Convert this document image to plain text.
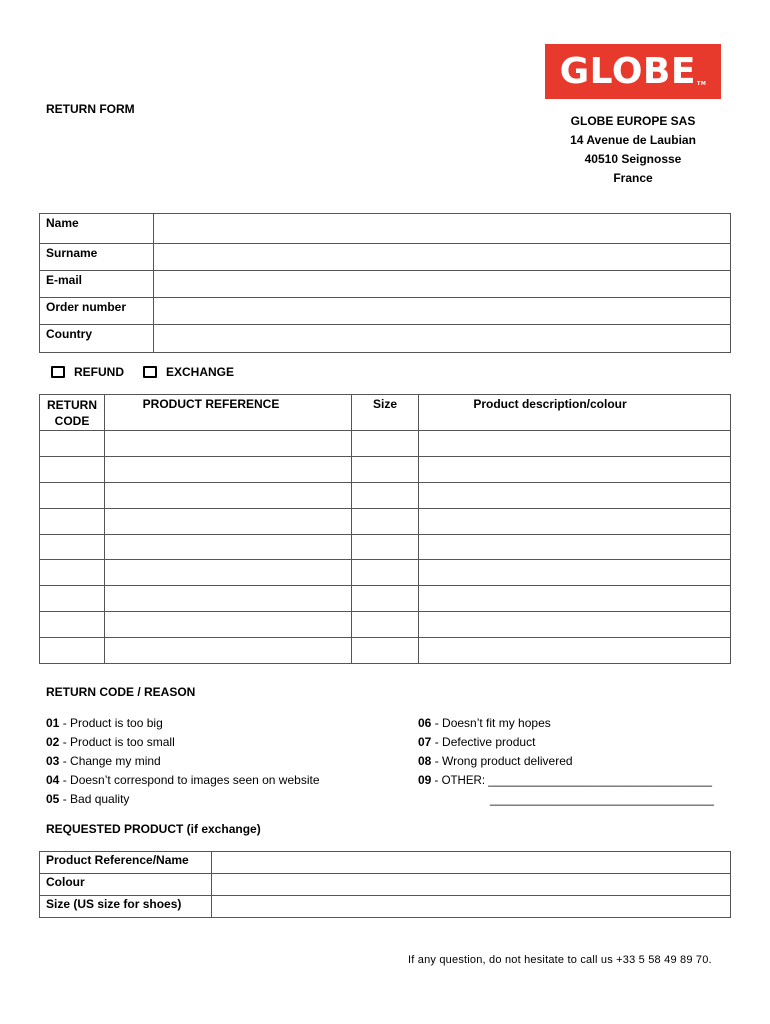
GLOBE TM
RETURN FORM
GLOBE EUROPE SAS
14 Avenue de Laubian
40510 Seignosse
France
Name	
Surname	
E-mail	
Order number	
Country	
REFUND	EXCHANGE
RETURN
CODE	PRODUCT REFERENCE	Size	Product description/colour

RETURN CODE / REASON
01 - Product is too big
02 - Product is too small
03 - Change my mind
04 - Doesn’t correspond to images seen on website
05 - Bad quality
06 - Doesn’t fit my hopes
07 - Defective product
08 - Wrong product delivered
09 - OTHER: ___________________________________
___________________________________
REQUESTED PRODUCT (if exchange)
Product Reference/Name	
Colour	
Size (US size for shoes)	
If any question, do not hesitate to call us +33 5 58 49 89 70.
